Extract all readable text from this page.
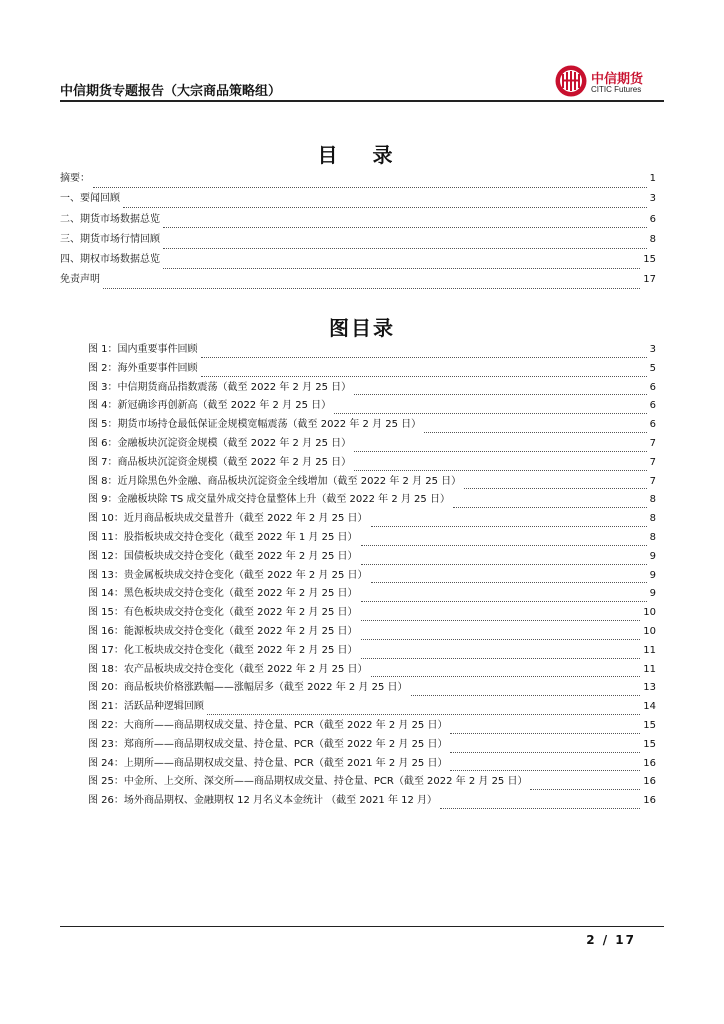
中信期货专题报告（大宗商品策略组）
中信期货
CITIC Futures
目 录
摘要：	1
一、要闻回顾	3
二、期货市场数据总览	6
三、期货市场行情回顾	8
四、期权市场数据总览	15
免责声明	17
图目录
图 1：国内重要事件回顾	3
图 2：海外重要事件回顾	5
图 3：中信期货商品指数震荡（截至 2022 年 2 月 25 日）	6
图 4：新冠确诊再创新高（截至 2022 年 2 月 25 日）	6
图 5：期货市场持仓最低保证金规模宽幅震荡（截至 2022 年 2 月 25 日）	6
图 6：金融板块沉淀资金规模（截至 2022 年 2 月 25 日）	7
图 7：商品板块沉淀资金规模（截至 2022 年 2 月 25 日）	7
图 8：近月除黑色外金融、商品板块沉淀资金全线增加（截至 2022 年 2 月 25 日）	7
图 9：金融板块除 TS 成交量外成交持仓量整体上升（截至 2022 年 2 月 25 日）	8
图 10：近月商品板块成交量普升（截至 2022 年 2 月 25 日）	8
图 11：股指板块成交持仓变化（截至 2022 年 1 月 25 日）	8
图 12：国债板块成交持仓变化（截至 2022 年 2 月 25 日）	9
图 13：贵金属板块成交持仓变化（截至 2022 年 2 月 25 日）	9
图 14：黑色板块成交持仓变化（截至 2022 年 2 月 25 日）	9
图 15：有色板块成交持仓变化（截至 2022 年 2 月 25 日）	10
图 16：能源板块成交持仓变化（截至 2022 年 2 月 25 日）	10
图 17：化工板块成交持仓变化（截至 2022 年 2 月 25 日）	11
图 18：农产品板块成交持仓变化（截至 2022 年 2 月 25 日）	11
图 20：商品板块价格涨跌幅——涨幅居多（截至 2022 年 2 月 25 日）	13
图 21：活跃品种逻辑回顾	14
图 22：大商所——商品期权成交量、持仓量、PCR（截至 2022 年 2 月 25 日）	15
图 23：郑商所——商品期权成交量、持仓量、PCR（截至 2022 年 2 月 25 日）	15
图 24：上期所——商品期权成交量、持仓量、PCR（截至 2021 年 2 月 25 日）	16
图 25：中金所、上交所、深交所——商品期权成交量、持仓量、PCR（截至 2022 年 2 月 25 日）	16
图 26：场外商品期权、金融期权 12 月名义本金统计 （截至 2021 年 12 月）	16
2 / 17
